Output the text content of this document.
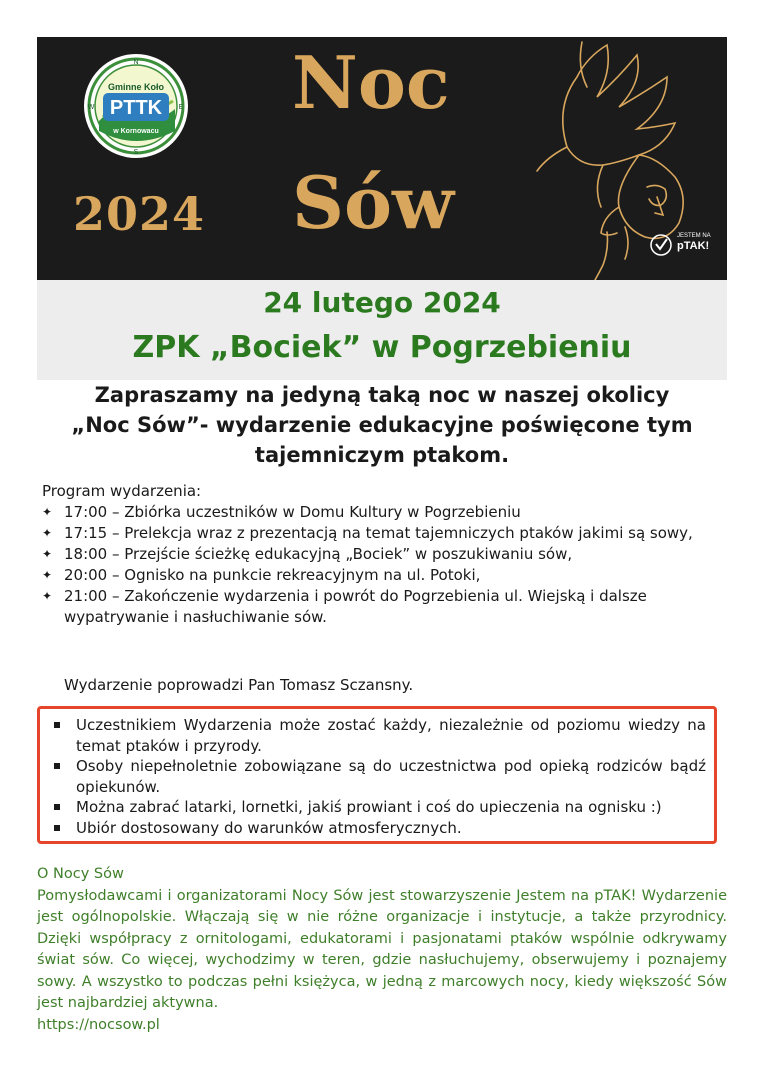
Gminne Koło
PTTK
w Kornowacu
N
E
S
W
2024
Noc
Sów	JESTEM NA
pTAK!
24 lutego 2024
ZPK „Bociek” w Pogrzebieniu
Zapraszamy na jedyną taką noc w naszej okolicy
„Noc Sów”- wydarzenie edukacyjne poświęcone tym
tajemniczym ptakom.
Program wydarzenia:

✦ 17:00 – Zbiórka uczestników w Domu Kultury w Pogrzebieniu

✦ 17:15 – Prelekcja wraz z prezentacją na temat tajemniczych ptaków jakimi są sowy,

✦ 18:00 – Przejście ścieżkę edukacyjną „Bociek” w poszukiwaniu sów,

✦ 20:00 – Ognisko na punkcie rekreacyjnym na ul. Potoki,

✦ 21:00 – Zakończenie wydarzenia i powrót do Pogrzebienia ul. Wiejską i dalsze wypatrywanie i nasłuchiwanie sów.

Wydarzenie poprowadzi Pan Tomasz Sczansny.
Uczestnikiem Wydarzenia może zostać każdy, niezależnie od poziomu wiedzy na temat ptaków i przyrody.
Osoby niepełnoletnie zobowiązane są do uczestnictwa pod opieką rodziców bądź opiekunów.
Można zabrać latarki, lornetki, jakiś prowiant i coś do upieczenia na ognisku :)
Ubiór dostosowany do warunków atmosferycznych.

O Nocy Sów

Pomysłodawcami i organizatorami Nocy Sów jest stowarzyszenie Jestem na pTAK! Wydarzenie jest ogólnopolskie. Włączają się w nie różne organizacje i instytucje, a także przyrodnicy. Dzięki współpracy z ornitologami, edukatorami i pasjonatami ptaków wspólnie odkrywamy świat sów. Co więcej, wychodzimy w teren, gdzie nasłuchujemy, obserwujemy i poznajemy sowy. A wszystko to podczas pełni księżyca, w jedną z marcowych nocy, kiedy większość Sów jest najbardziej aktywna.

https://nocsow.pl
